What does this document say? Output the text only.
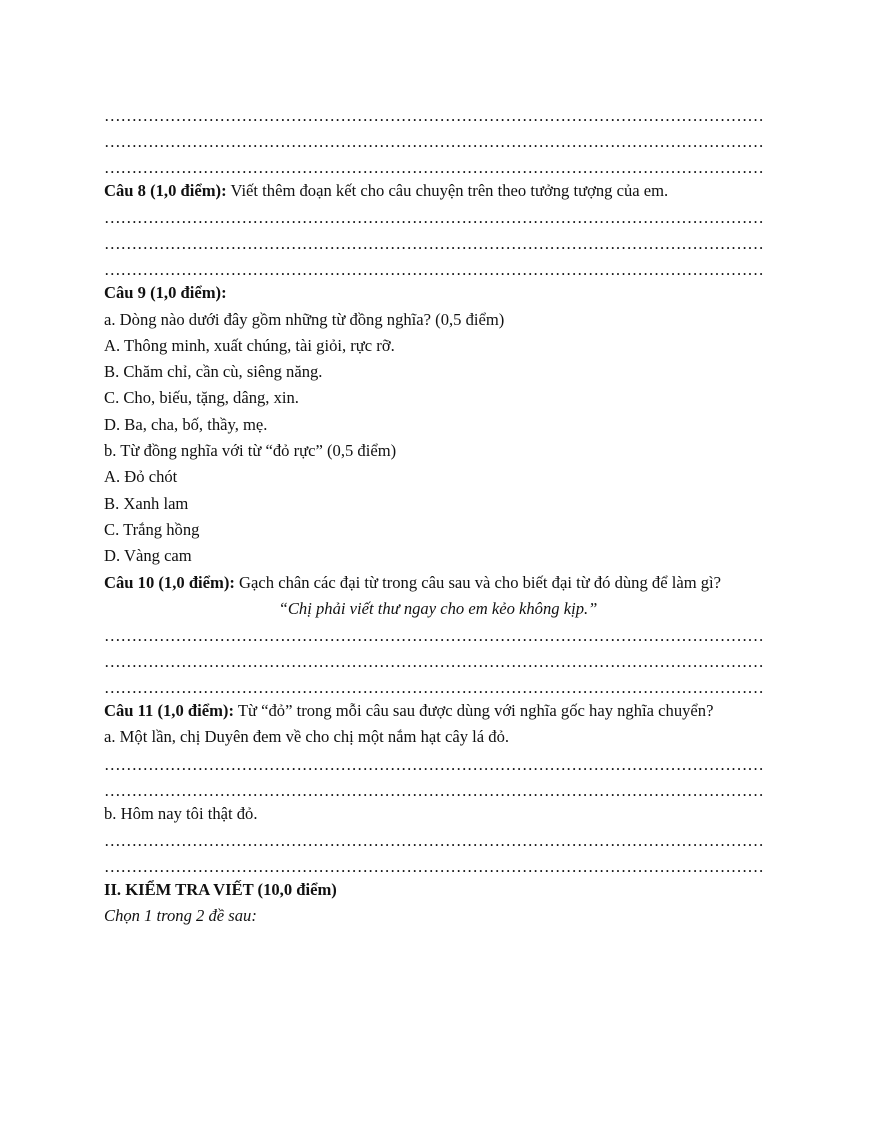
…………………………………………………………………………………………………………
…………………………………………………………………………………………………………
…………………………………………………………………………………………………………
Câu 8 (1,0 điểm): Viết thêm đoạn kết cho câu chuyện trên theo tưởng tượng của em.
…………………………………………………………………………………………………………
…………………………………………………………………………………………………………
…………………………………………………………………………………………………………
Câu 9 (1,0 điểm):
a. Dòng nào dưới đây gồm những từ đồng nghĩa? (0,5 điểm)
A. Thông minh, xuất chúng, tài giỏi, rực rỡ.
B. Chăm chỉ, cần cù, siêng năng.
C. Cho, biếu, tặng, dâng, xin.
D. Ba, cha, bố, thầy, mẹ.
b. Từ đồng nghĩa với từ “đỏ rực” (0,5 điểm)
A. Đỏ chót
B. Xanh lam
C. Trắng hồng
D. Vàng cam
Câu 10 (1,0 điểm): Gạch chân các đại từ trong câu sau và cho biết đại từ đó dùng để làm gì?
“Chị phải viết thư ngay cho em kẻo không kịp.”
…………………………………………………………………………………………………………
…………………………………………………………………………………………………………
…………………………………………………………………………………………………………
Câu 11 (1,0 điểm): Từ “đỏ” trong mỗi câu sau được dùng với nghĩa gốc hay nghĩa chuyển?
a. Một lần, chị Duyên đem về cho chị một nắm hạt cây lá đỏ.
…………………………………………………………………………………………………………
…………………………………………………………………………………………………………
b. Hôm nay tôi thật đỏ.
…………………………………………………………………………………………………………
…………………………………………………………………………………………………………
II. KIỂM TRA VIẾT (10,0 điểm)
Chọn 1 trong 2 đề sau:
